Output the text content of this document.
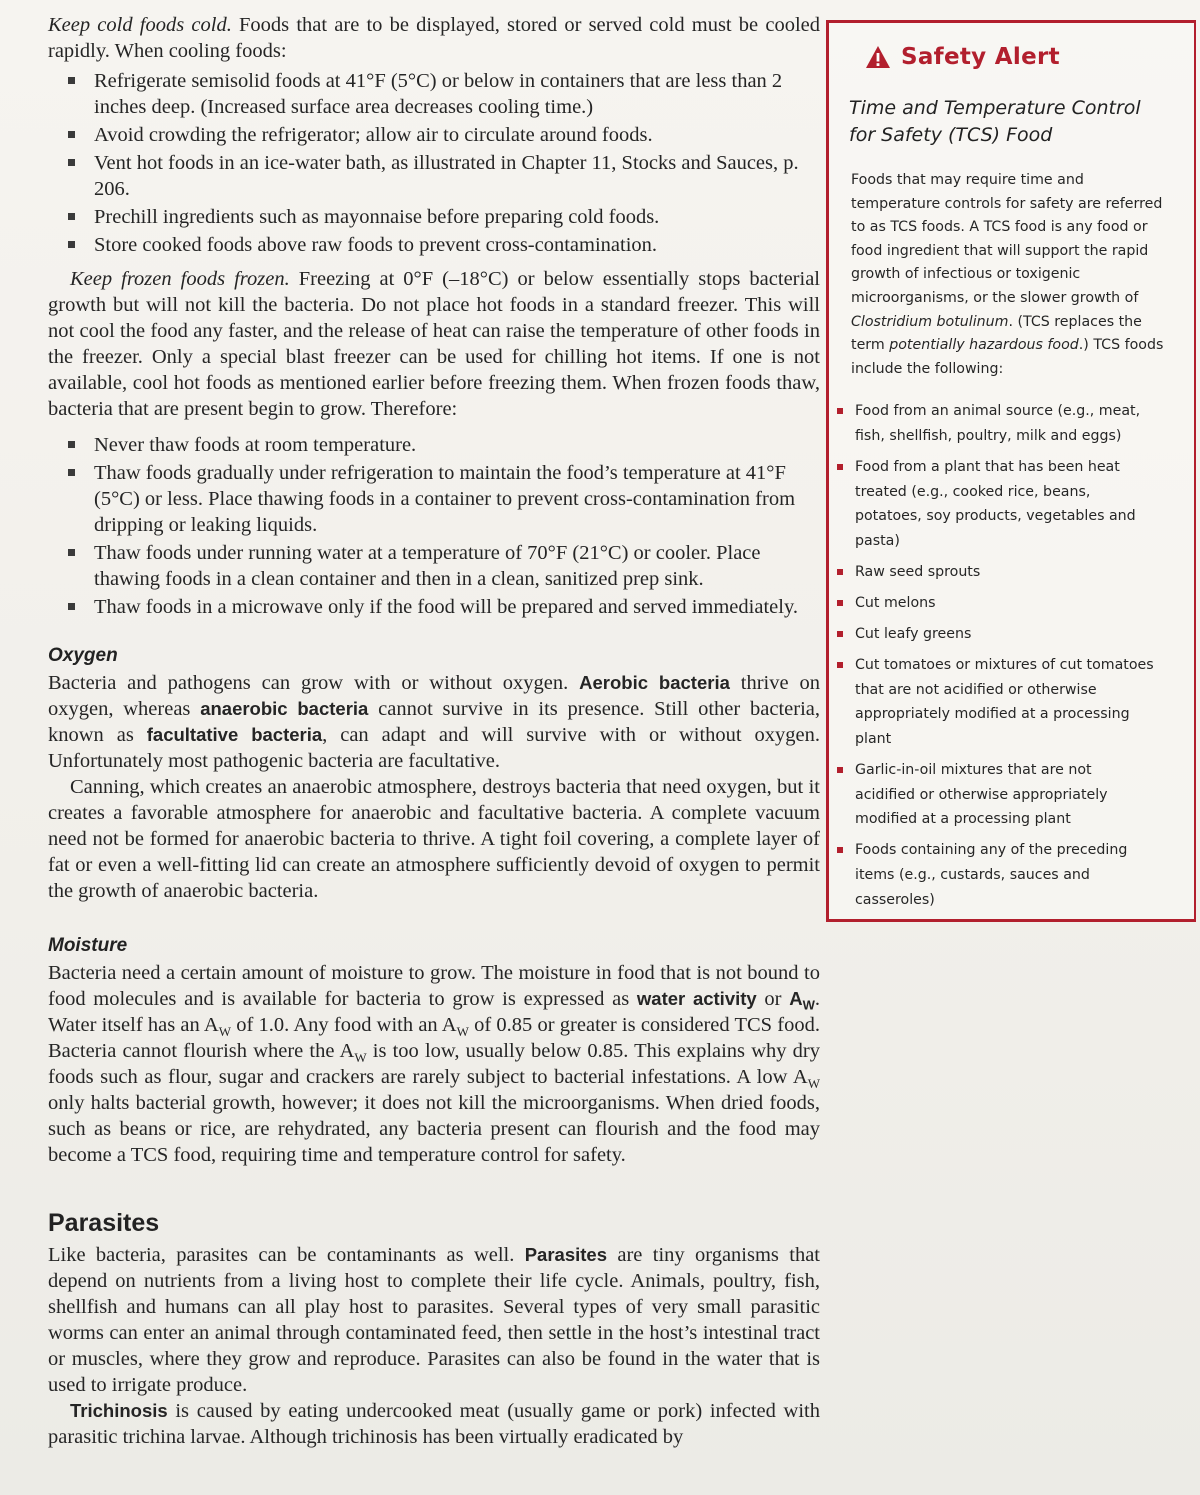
Keep cold foods cold. Foods that are to be displayed, stored or served cold must be cooled rapidly. When cooling foods:

Refrigerate semisolid foods at 41°F (5°C) or below in containers that are less than 2 inches deep. (Increased surface area decreases cooling time.)
Avoid crowding the refrigerator; allow air to circulate around foods.
Vent hot foods in an ice-water bath, as illustrated in Chapter 11, Stocks and Sauces, p. 206.
Prechill ingredients such as mayonnaise before preparing cold foods.
Store cooked foods above raw foods to prevent cross-contamination.

Keep frozen foods frozen. Freezing at 0°F (–18°C) or below essentially stops bacterial growth but will not kill the bacteria. Do not place hot foods in a standard freezer. This will not cool the food any faster, and the release of heat can raise the temperature of other foods in the freezer. Only a special blast freezer can be used for chilling hot items. If one is not available, cool hot foods as mentioned earlier before freezing them. When frozen foods thaw, bacteria that are present begin to grow. Therefore:

Never thaw foods at room temperature.
Thaw foods gradually under refrigeration to maintain the food’s temperature at 41°F (5°C) or less. Place thawing foods in a container to prevent cross-contamination from dripping or leaking liquids.
Thaw foods under running water at a temperature of 70°F (21°C) or cooler. Place thawing foods in a clean container and then in a clean, sanitized prep sink.
Thaw foods in a microwave only if the food will be prepared and served immediately.
Oxygen

Bacteria and pathogens can grow with or without oxygen. Aerobic bacteria thrive on oxygen, whereas anaerobic bacteria cannot survive in its presence. Still other bacteria, known as facultative bacteria, can adapt and will survive with or without oxygen. Unfortunately most pathogenic bacteria are facultative.

Canning, which creates an anaerobic atmosphere, destroys bacteria that need oxygen, but it creates a favorable atmosphere for anaerobic and facultative bacteria. A complete vacuum need not be formed for anaerobic bacteria to thrive. A tight foil covering, a complete layer of fat or even a well-fitting lid can create an atmosphere sufficiently devoid of oxygen to permit the growth of anaerobic bacteria.

Moisture

Bacteria need a certain amount of moisture to grow. The moisture in food that is not bound to food molecules and is available for bacteria to grow is expressed as water activity or $A_W$. Water itself has an $A_W$ of 1.0. Any food with an $A_W$ of 0.85 or greater is considered TCS food. Bacteria cannot flourish where the $A_W$ is too low, usually below 0.85. This explains why dry foods such as flour, sugar and crackers are rarely subject to bacterial infestations. A low $A_W$ only halts bacterial growth, however; it does not kill the microorganisms. When dried foods, such as beans or rice, are rehydrated, any bacteria present can flourish and the food may become a TCS food, requiring time and temperature control for safety.

Parasites

Like bacteria, parasites can be contaminants as well. Parasites are tiny organisms that depend on nutrients from a living host to complete their life cycle. Animals, poultry, fish, shellfish and humans can all play host to parasites. Several types of very small parasitic worms can enter an animal through contaminated feed, then settle in the host’s intestinal tract or muscles, where they grow and reproduce. Parasites can also be found in the water that is used to irrigate produce.

Trichinosis is caused by eating undercooked meat (usually game or pork) infected with parasitic trichina larvae. Although trichinosis has been virtually eradicated by

Safety Alert
Time and Temperature Control for Safety (TCS) Food

Foods that may require time and temperature controls for safety are referred to as TCS foods. A TCS food is any food or food ingredient that will support the rapid growth of infectious or toxigenic microorganisms, or the slower growth of Clostridium botulinum. (TCS replaces the term potentially hazardous food.) TCS foods include the following:

Food from an animal source (e.g., meat, fish, shellfish, poultry, milk and eggs)
Food from a plant that has been heat treated (e.g., cooked rice, beans, potatoes, soy products, vegetables and pasta)
Raw seed sprouts
Cut melons
Cut leafy greens
Cut tomatoes or mixtures of cut tomatoes that are not acidified or otherwise appropriately modified at a processing plant
Garlic-in-oil mixtures that are not acidified or otherwise appropriately modified at a processing plant
Foods containing any of the preceding items (e.g., custards, sauces and casseroles)
